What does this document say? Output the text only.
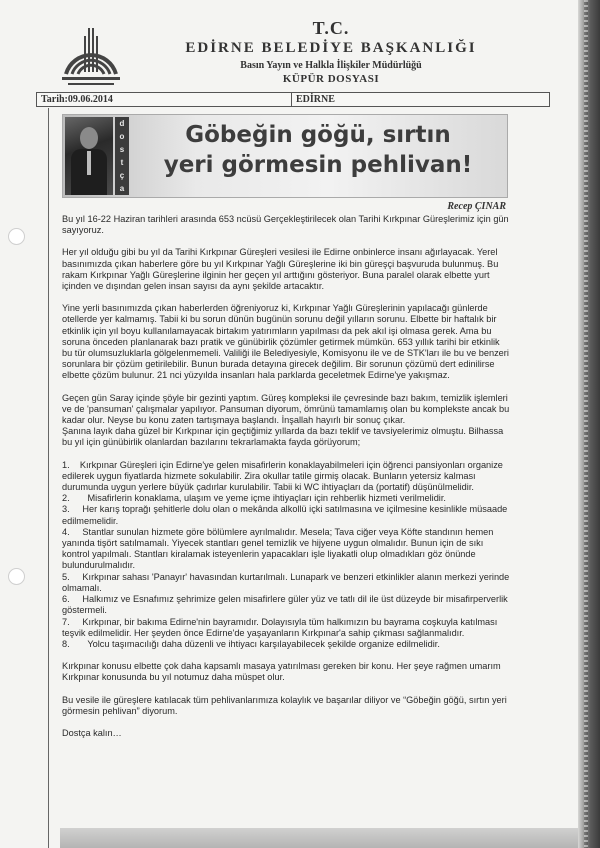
T.C.
EDİRNE BELEDİYE BAŞKANLIĞI
Basın Yayın ve Halkla İlişkiler Müdürlüğü
KÜPÜR DOSYASI
Tarih:09.06.2014	EDİRNE
d
o
s
t
ç
a
Göbeğin göğü, sırtın
yeri görmesin pehlivan!
Recep ÇINAR

Bu yıl 16-22 Haziran tarihleri arasında 653 ncüsü Gerçekleştirilecek olan Tarihi Kırkpınar Güreşlerimiz için gün sayıyoruz.

Her yıl olduğu gibi bu yıl da Tarihi Kırkpınar Güreşleri vesilesi ile Edirne onbinlerce insanı ağırlayacak. Yerel basınımızda çıkan haberlere göre bu yıl Kırkpınar Yağlı Güreşlerine iki bin güreşçi başvuruda bulunmuş. Bu rakam Kırkpınar Yağlı Güreşlerine ilginin her geçen yıl arttığını gösteriyor. Buna paralel olarak elbette yurt içinden ve dışından gelen insan sayısı da aynı şekilde artacaktır.

Yine yerli basınımızda çıkan haberlerden öğreniyoruz ki, Kırkpınar Yağlı Güreşlerinin yapılacağı günlerde otellerde yer kalmamış. Tabii ki bu sorun dünün bugünün sorunu değil yılların sorunu. Elbette bir haftalık bir etkinlik için yıl boyu kullanılamayacak birtakım yatırımların yapılması da pek akıl işi olmasa gerek. Ama bu soruna önceden planlanarak bazı pratik ve günübirlik çözümler getirmek mümkün. 653 yıllık tarihi bir etkinlik bu tür olumsuzluklarla gölgelenmemeli. Valiliği ile Belediyesiyle, Komisyonu ile ve de STK'ları ile bu ve benzeri sorunlara bir çözüm getirilebilir. Bunun burada detayına girecek değilim. Bir sorunun çözümü dert edinilirse elbette çözüm bulunur. 21 nci yüzyılda insanları hala parklarda geceletmek Edirne'ye yakışmaz.

Geçen gün Saray içinde şöyle bir gezinti yaptım. Güreş kompleksi ile çevresinde bazı bakım, temizlik işlemleri ve de 'pansuman' çalışmalar yapılıyor. Pansuman diyorum, ömrünü tamamlamış olan bu komplekste ancak bu kadar olur. Neyse bu konu zaten tartışmaya başlandı. İnşallah hayırlı bir sonuç çıkar.
Şanına layık daha güzel bir Kırkpınar için geçtiğimiz yıllarda da bazı teklif ve tavsiyelerimiz olmuştu. Bilhassa bu yıl için günübirlik olanlardan bazılarını tekrarlamakta fayda görüyorum;

1.    Kırkpınar Güreşleri için Edirne'ye gelen misafirlerin konaklayabilmeleri için öğrenci pansiyonları organize edilerek uygun fiyatlarda hizmete sokulabilir. Zira okullar tatile girmiş olacak. Bunların yetersiz kalması durumunda uygun yerlere büyük çadırlar kurulabilir. Tabii ki WC ihtiyaçları da (portatif) düşünülmelidir.

2.       Misafirlerin konaklama, ulaşım ve yeme içme ihtiyaçları için rehberlik hizmeti verilmelidir.

3.     Her karış toprağı şehitlerle dolu olan o mekânda alkollü içki satılmasına ve içilmesine kesinlikle müsaade edilmemelidir.

4.     Stantlar sunulan hizmete göre bölümlere ayrılmalıdır. Mesela; Tava ciğer veya Köfte standının hemen yanında tişört satılmamalı. Yiyecek stantları genel temizlik ve hijyene uygun olmalıdır. Bunun için de sıkı kontrol yapılmalı. Stantları kiralamak isteyenlerin yapacakları işle liyakatli olup olmadıkları göz önünde bulundurulmalıdır.

5.     Kırkpınar sahası 'Panayır' havasından kurtarılmalı. Lunapark ve benzeri etkinlikler alanın merkezi yerinde olmamalı.

6.     Halkımız ve Esnafımız şehrimize gelen misafirlere güler yüz ve tatlı dil ile üst düzeyde bir misafirperverlik göstermeli.

7.     Kırkpınar, bir bakıma Edirne'nin bayramıdır. Dolayısıyla tüm halkımızın bu bayrama coşkuyla katılması teşvik edilmelidir. Her şeyden önce Edirne'de yaşayanların Kırkpınar'a sahip çıkması sağlanmalıdır.

8.       Yolcu taşımacılığı daha düzenli ve ihtiyacı karşılayabilecek şekilde organize edilmelidir.

Kırkpınar konusu elbette çok daha kapsamlı masaya yatırılması gereken bir konu. Her şeye rağmen umarım Kırkpınar konusunda bu yıl notumuz daha müspet olur.

Bu vesile ile güreşlere katılacak tüm pehlivanlarımıza kolaylık ve başarılar diliyor ve “Göbeğin göğü, sırtın yeri görmesin pehlivan” diyorum.

Dostça kalın…
